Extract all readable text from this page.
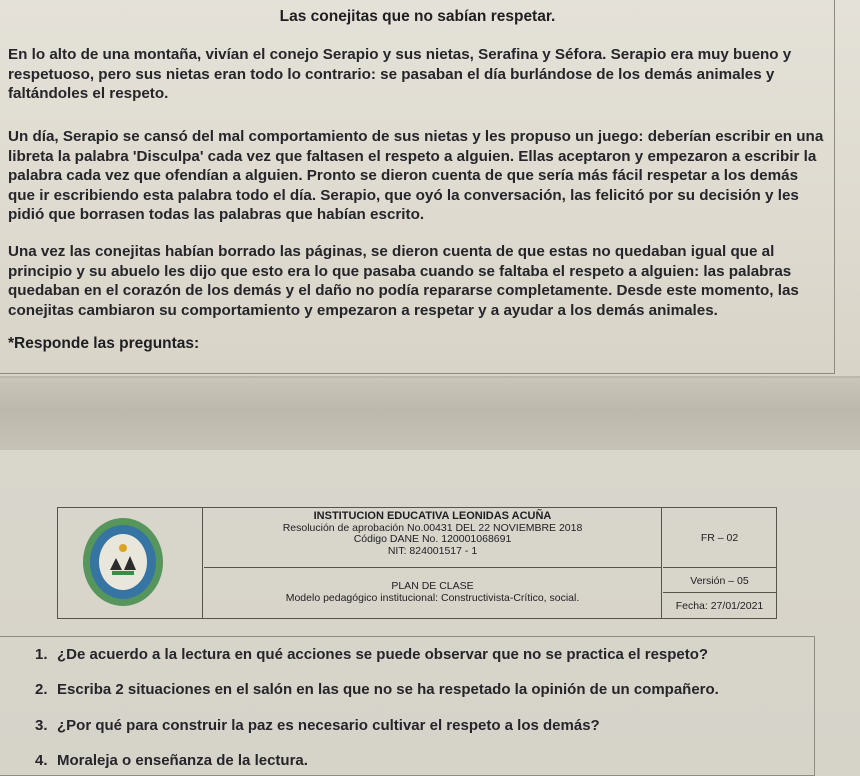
Las conejitas que no sabían respetar.
En lo alto de una montaña, vivían el conejo Serapio y sus nietas, Serafina y Séfora. Serapio era muy bueno y respetuoso, pero sus nietas eran todo lo contrario: se pasaban el día burlándose de los demás animales y faltándoles el respeto.
Un día, Serapio se cansó del mal comportamiento de sus nietas y les propuso un juego: deberían escribir en una libreta la palabra 'Disculpa' cada vez que faltasen el respeto a alguien. Ellas aceptaron y empezaron a escribir la palabra cada vez que ofendían a alguien. Pronto se dieron cuenta de que sería más fácil respetar a los demás que ir escribiendo esta palabra todo el día. Serapio, que oyó la conversación, las felicitó por su decisión y les pidió que borrasen todas las palabras que habían escrito.
Una vez las conejitas habían borrado las páginas, se dieron cuenta de que estas no quedaban igual que al principio y su abuelo les dijo que esto era lo que pasaba cuando se faltaba el respeto a alguien: las palabras quedaban en el corazón de los demás y el daño no podía repararse completamente. Desde este momento, las conejitas cambiaron su comportamiento y empezaron a respetar y a ayudar a los demás animales.
*Responde las preguntas:
INSTITUCION EDUCATIVA LEONIDAS ACUÑA
Resolución de aprobación No.00431 DEL 22 NOVIEMBRE 2018
Código DANE No. 120001068691
NIT: 824001517 - 1
PLAN DE CLASE
Modelo pedagógico institucional: Constructivista-Crítico, social.
FR – 02
Versión – 05
Fecha: 27/01/2021
1. ¿De acuerdo a la lectura en qué acciones se puede observar que no se practica el respeto?
2. Escriba 2 situaciones en el salón en las que no se ha respetado la opinión de un compañero.
3. ¿Por qué para construir la paz es necesario cultivar el respeto a los demás?
4. Moraleja o enseñanza de la lectura.
